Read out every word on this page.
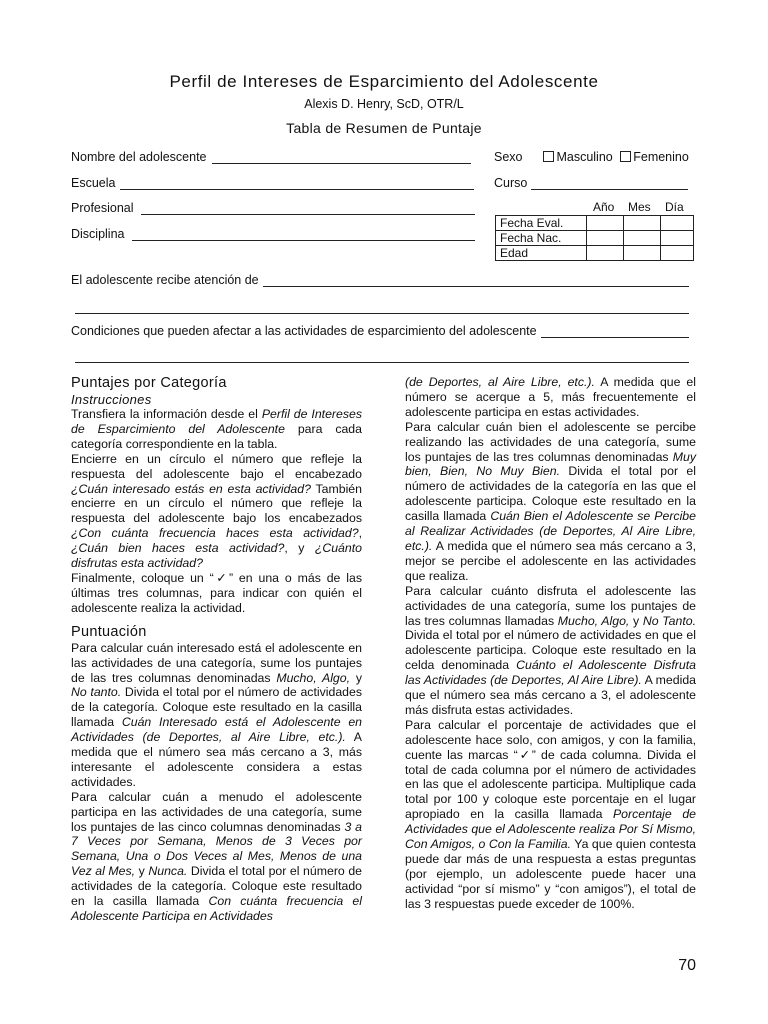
Perfil de Intereses de Esparcimiento del Adolescente
Alexis D. Henry, ScD, OTR/L
Tabla de Resumen de Puntaje
Nombre del adolescente
Escuela
Profesional
Disciplina
Sexo	Masculino Femenino
Curso
Año Mes Día
Fecha Eval.			
Fecha Nac.			
Edad			
El adolescente recibe atención de
Condiciones que pueden afectar a las actividades de esparcimiento del adolescente
Puntajes por Categoría
Instrucciones

Transfiera la información desde el Perfil de Intereses de Esparcimiento del Adolescente para cada categoría correspondiente en la tabla.

Encierre en un círculo el número que refleje la respuesta del adolescente bajo el encabezado ¿Cuán interesado estás en esta actividad? También encierre en un círculo el número que refleje la respuesta del adolescente bajo los encabezados ¿Con cuánta frecuencia haces esta actividad?, ¿Cuán bien haces esta actividad?, y ¿Cuánto disfrutas esta actividad?

Finalmente, coloque un “✓” en una o más de las últimas tres columnas, para indicar con quién el adolescente realiza la actividad.

Puntuación

Para calcular cuán interesado está el adolescente en las actividades de una categoría, sume los puntajes de las tres columnas denominadas Mucho, Algo, y No tanto. Divida el total por el número de actividades de la categoría. Coloque este resultado en la casilla llamada Cuán Interesado está el Adolescente en Actividades (de Deportes, al Aire Libre, etc.). A medida que el número sea más cercano a 3, más interesante el adolescente considera a estas actividades.

Para calcular cuán a menudo el adolescente participa en las actividades de una categoría, sume los puntajes de las cinco columnas denominadas 3 a 7 Veces por Semana, Menos de 3 Veces por Semana, Una o Dos Veces al Mes, Menos de una Vez al Mes, y Nunca. Divida el total por el número de actividades de la categoría. Coloque este resultado en la casilla llamada Con cuánta frecuencia el Adolescente Participa en Actividades

(de Deportes, al Aire Libre, etc.). A medida que el número se acerque a 5, más frecuentemente el adolescente participa en estas actividades.

Para calcular cuán bien el adolescente se percibe realizando las actividades de una categoría, sume los puntajes de las tres columnas denominadas Muy bien, Bien, No Muy Bien. Divida el total por el número de actividades de la categoría en las que el adolescente participa. Coloque este resultado en la casilla llamada Cuán Bien el Adolescente se Percibe al Realizar Actividades (de Deportes, Al Aire Libre, etc.). A medida que el número sea más cercano a 3, mejor se percibe el adolescente en las actividades que realiza.

Para calcular cuánto disfruta el adolescente las actividades de una categoría, sume los puntajes de las tres columnas llamadas Mucho, Algo, y No Tanto. Divida el total por el número de actividades en que el adolescente participa. Coloque este resultado en la celda denominada Cuánto el Adolescente Disfruta las Actividades (de Deportes, Al Aire Libre). A medida que el número sea más cercano a 3, el adolescente más disfruta estas actividades.

Para calcular el porcentaje de actividades que el adolescente hace solo, con amigos, y con la familia, cuente las marcas “✓” de cada columna. Divida el total de cada columna por el número de actividades en las que el adolescente participa. Multiplique cada total por 100 y coloque este porcentaje en el lugar apropiado en la casilla llamada Porcentaje de Actividades que el Adolescente realiza Por Sí Mismo, Con Amigos, o Con la Familia. Ya que quien contesta puede dar más de una respuesta a estas preguntas (por ejemplo, un adolescente puede hacer una actividad “por sí mismo” y “con amigos”), el total de las 3 respuestas puede exceder de 100%.

70
